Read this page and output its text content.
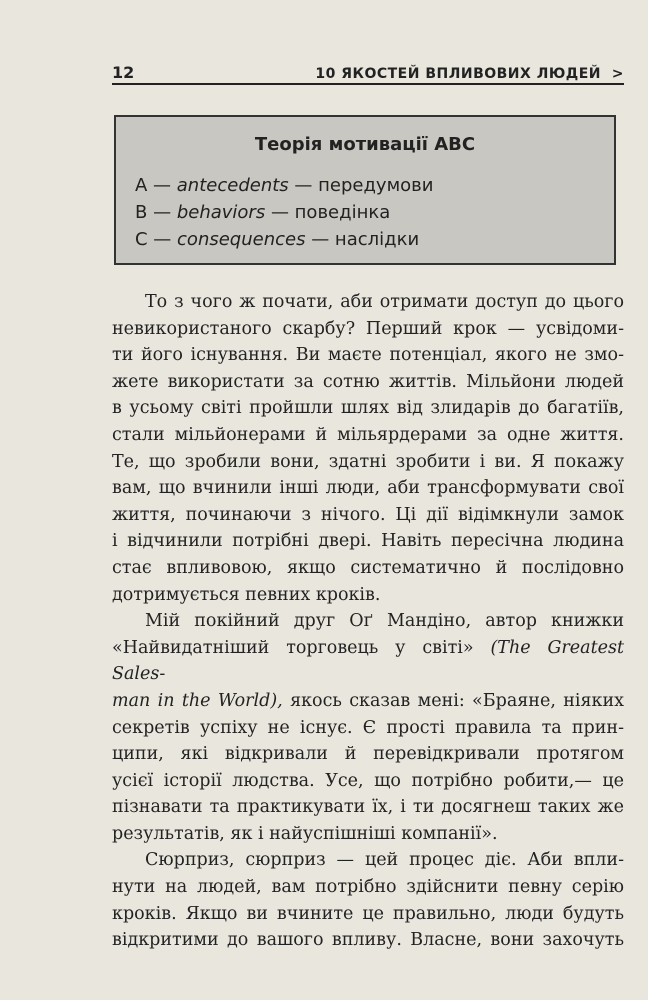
12	10 ЯКОСТЕЙ ВПЛИВОВИХ ЛЮДЕЙ >
Теорія мотивації ABC
A — antecedents — передумови
B — behaviors — поведінка
C — consequences — наслідки
То з чого ж почати, аби отримати доступ до цього
невикористаного скарбу? Перший крок — усвідоми-
ти його існування. Ви маєте потенціал, якого не змо-
жете використати за сотню життів. Мільйони людей
в усьому світі пройшли шлях від злидарів до багатіїв,
стали мільйонерами й мільярдерами за одне життя.
Те, що зробили вони, здатні зробити і ви. Я покажу
вам, що вчинили інші люди, аби трансформувати свої
життя, починаючи з нічого. Ці дії відімкнули замок
і відчинили потрібні двері. Навіть пересічна людина
стає впливовою, якщо систематично й послідовно
дотримується певних кроків.
Мій покійний друг Оґ Мандіно, автор книжки
«Найвидатніший торговець у світі» (The Greatest Sales-
man in the World), якось сказав мені: «Браяне, ніяких
секретів успіху не існує. Є прості правила та прин-
ципи, які відкривали й перевідкривали протягом
усієї історії людства. Усе, що потрібно робити,— це
пізнавати та практикувати їх, і ти досягнеш таких же
результатів, як і найуспішніші компанії».
Сюрприз, сюрприз — цей процес діє. Аби впли-
нути на людей, вам потрібно здійснити певну серію
кроків. Якщо ви вчините це правильно, люди будуть
відкритими до вашого впливу. Власне, вони захочуть
